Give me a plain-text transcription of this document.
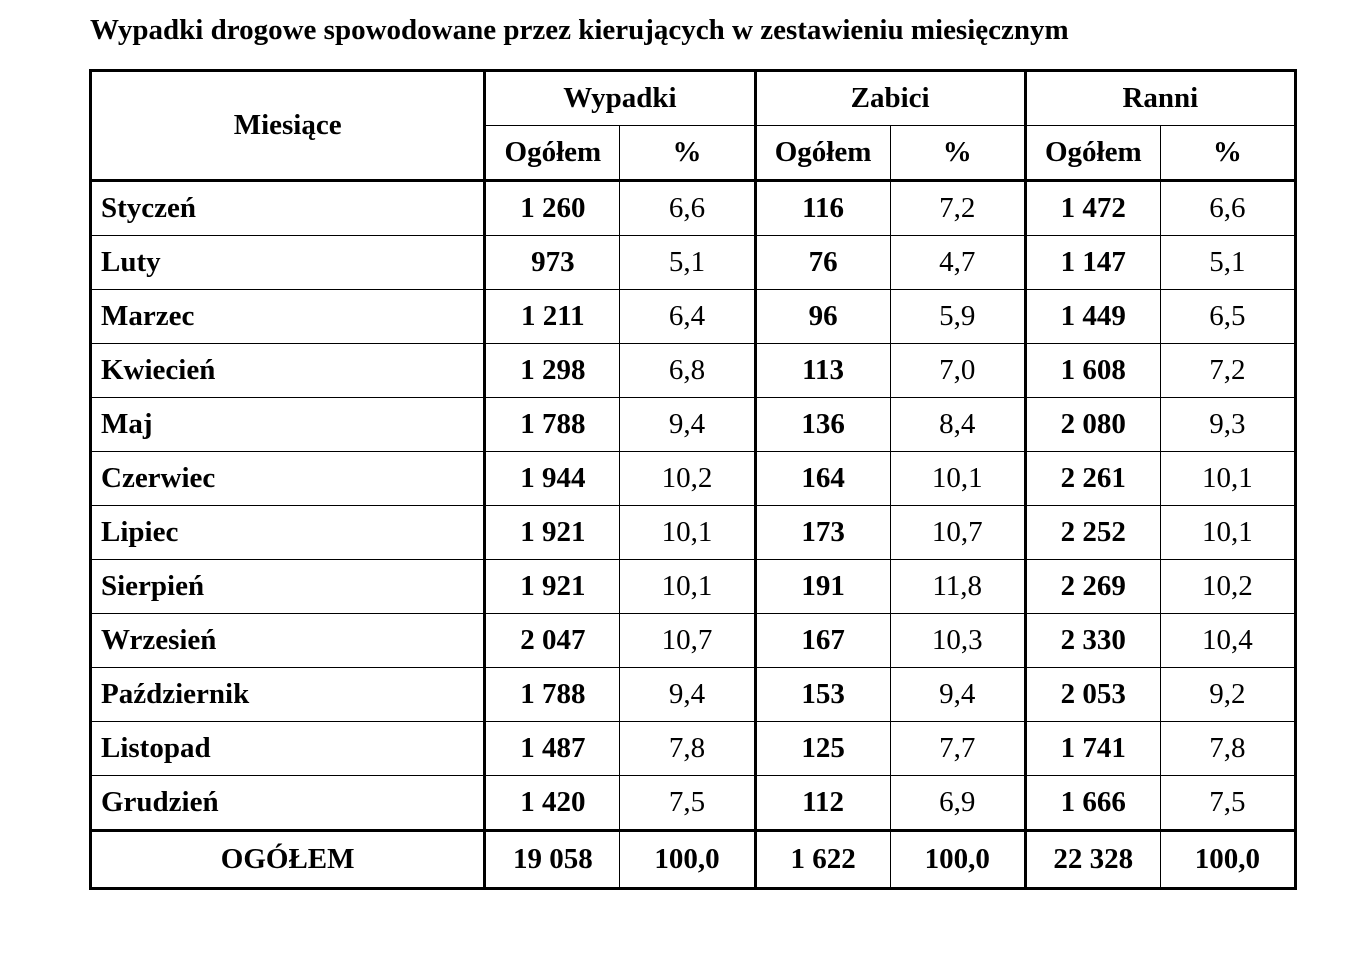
Wypadki drogowe spowodowane przez kierujących w zestawieniu miesięcznym
Miesiące	Wypadki		Zabici		Ranni	
	Ogółem	%	Ogółem	%	Ogółem	%
Styczeń	1 260	6,6	116	7,2	1 472	6,6
Luty	973	5,1	76	4,7	1 147	5,1
Marzec	1 211	6,4	96	5,9	1 449	6,5
Kwiecień	1 298	6,8	113	7,0	1 608	7,2
Maj	1 788	9,4	136	8,4	2 080	9,3
Czerwiec	1 944	10,2	164	10,1	2 261	10,1
Lipiec	1 921	10,1	173	10,7	2 252	10,1
Sierpień	1 921	10,1	191	11,8	2 269	10,2
Wrzesień	2 047	10,7	167	10,3	2 330	10,4
Październik	1 788	9,4	153	9,4	2 053	9,2
Listopad	1 487	7,8	125	7,7	1 741	7,8
Grudzień	1 420	7,5	112	6,9	1 666	7,5
OGÓŁEM	19 058	100,0	1 622	100,0	22 328	100,0
